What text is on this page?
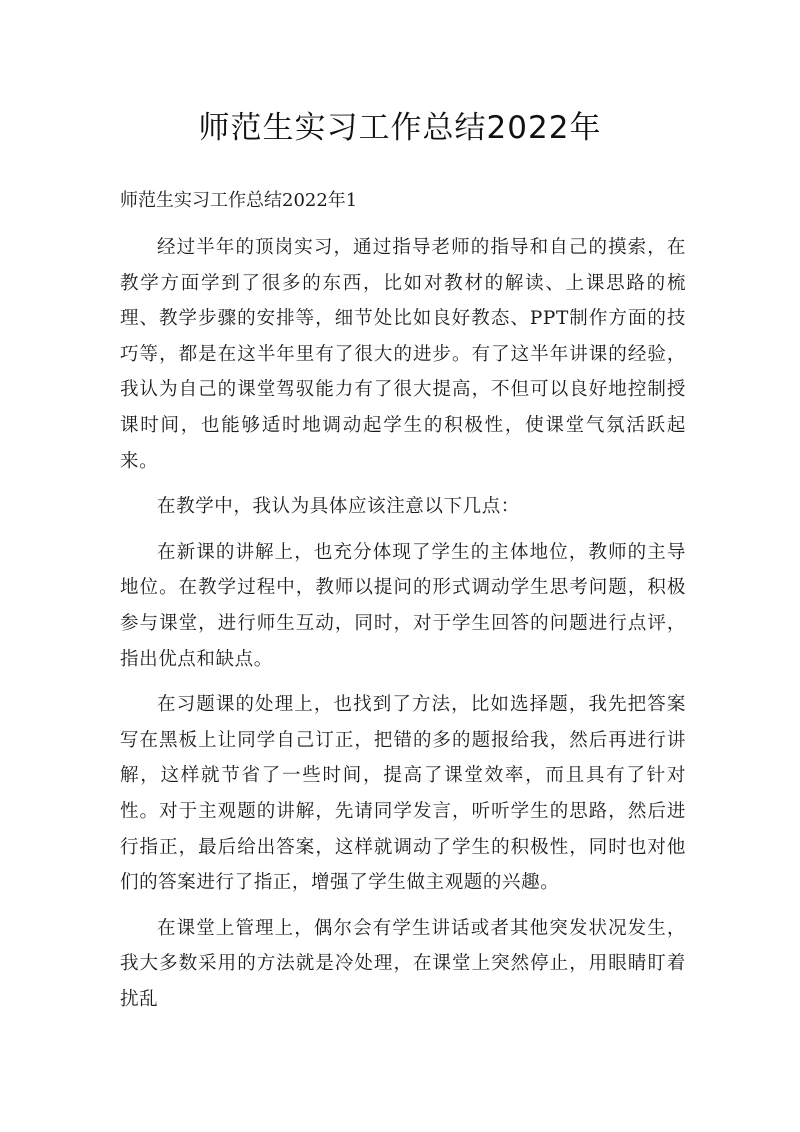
师范生实习工作总结2022年

师范生实习工作总结2022年1

经过半年的顶岗实习，通过指导老师的指导和自己的摸索，在教学方面学到了很多的东西，比如对教材的解读、上课思路的梳理、教学步骤的安排等，细节处比如良好教态、PPT制作方面的技巧等，都是在这半年里有了很大的进步。有了这半年讲课的经验，我认为自己的课堂驾驭能力有了很大提高，不但可以良好地控制授课时间，也能够适时地调动起学生的积极性，使课堂气氛活跃起来。

在教学中，我认为具体应该注意以下几点：

在新课的讲解上，也充分体现了学生的主体地位，教师的主导地位。在教学过程中，教师以提问的形式调动学生思考问题，积极参与课堂，进行师生互动，同时，对于学生回答的问题进行点评，指出优点和缺点。

在习题课的处理上，也找到了方法，比如选择题，我先把答案写在黑板上让同学自己订正，把错的多的题报给我，然后再进行讲解，这样就节省了一些时间，提高了课堂效率，而且具有了针对性。对于主观题的讲解，先请同学发言，听听学生的思路，然后进行指正，最后给出答案，这样就调动了学生的积极性，同时也对他们的答案进行了指正，增强了学生做主观题的兴趣。

在课堂上管理上，偶尔会有学生讲话或者其他突发状况发生，我大多数采用的方法就是冷处理，在课堂上突然停止，用眼睛盯着扰乱
